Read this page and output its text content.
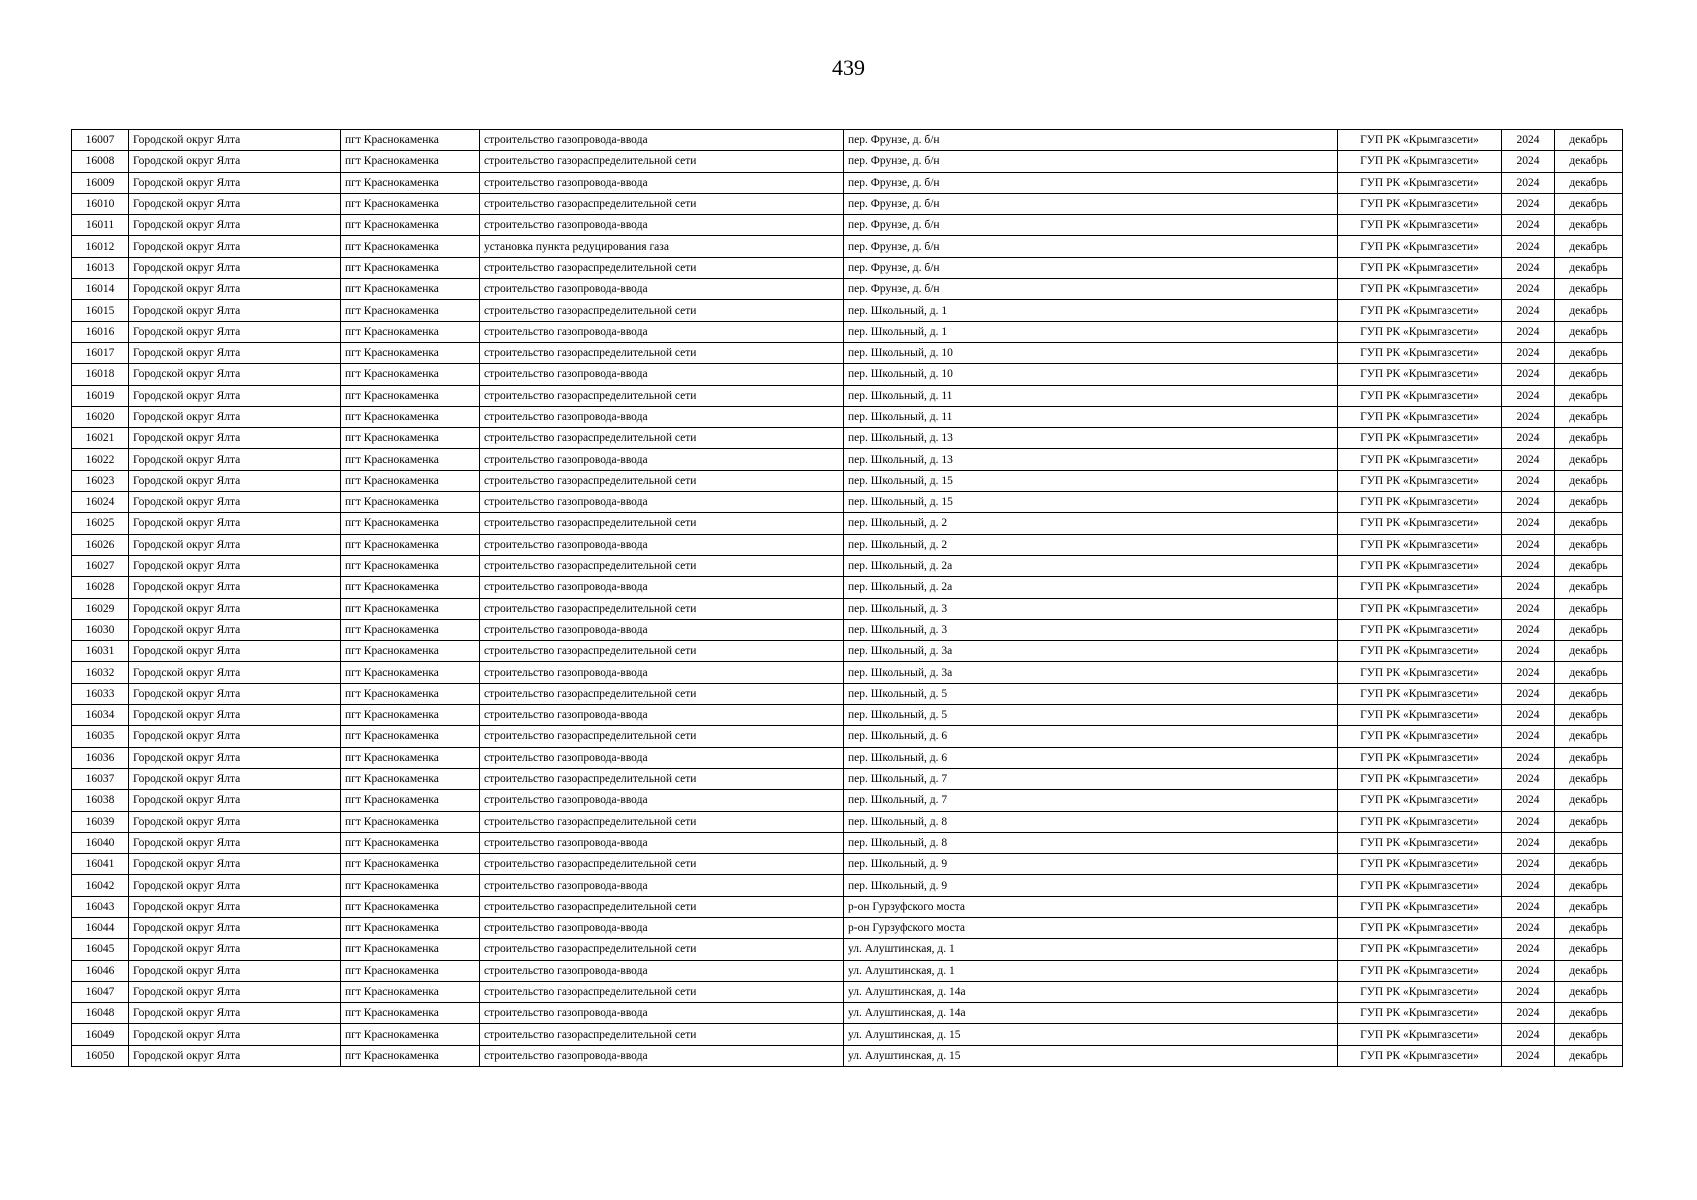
439
16007	Городской округ Ялта	пгт Краснокаменка	строительство газопровода-ввода	пер. Фрунзе, д. б/н	ГУП РК «Крымгазсети»	2024	декабрь
16008	Городской округ Ялта	пгт Краснокаменка	строительство газораспределительной сети	пер. Фрунзе, д. б/н	ГУП РК «Крымгазсети»	2024	декабрь
16009	Городской округ Ялта	пгт Краснокаменка	строительство газопровода-ввода	пер. Фрунзе, д. б/н	ГУП РК «Крымгазсети»	2024	декабрь
16010	Городской округ Ялта	пгт Краснокаменка	строительство газораспределительной сети	пер. Фрунзе, д. б/н	ГУП РК «Крымгазсети»	2024	декабрь
16011	Городской округ Ялта	пгт Краснокаменка	строительство газопровода-ввода	пер. Фрунзе, д. б/н	ГУП РК «Крымгазсети»	2024	декабрь
16012	Городской округ Ялта	пгт Краснокаменка	установка пункта редуцирования газа	пер. Фрунзе, д. б/н	ГУП РК «Крымгазсети»	2024	декабрь
16013	Городской округ Ялта	пгт Краснокаменка	строительство газораспределительной сети	пер. Фрунзе, д. б/н	ГУП РК «Крымгазсети»	2024	декабрь
16014	Городской округ Ялта	пгт Краснокаменка	строительство газопровода-ввода	пер. Фрунзе, д. б/н	ГУП РК «Крымгазсети»	2024	декабрь
16015	Городской округ Ялта	пгт Краснокаменка	строительство газораспределительной сети	пер. Школьный, д. 1	ГУП РК «Крымгазсети»	2024	декабрь
16016	Городской округ Ялта	пгт Краснокаменка	строительство газопровода-ввода	пер. Школьный, д. 1	ГУП РК «Крымгазсети»	2024	декабрь
16017	Городской округ Ялта	пгт Краснокаменка	строительство газораспределительной сети	пер. Школьный, д. 10	ГУП РК «Крымгазсети»	2024	декабрь
16018	Городской округ Ялта	пгт Краснокаменка	строительство газопровода-ввода	пер. Школьный, д. 10	ГУП РК «Крымгазсети»	2024	декабрь
16019	Городской округ Ялта	пгт Краснокаменка	строительство газораспределительной сети	пер. Школьный, д. 11	ГУП РК «Крымгазсети»	2024	декабрь
16020	Городской округ Ялта	пгт Краснокаменка	строительство газопровода-ввода	пер. Школьный, д. 11	ГУП РК «Крымгазсети»	2024	декабрь
16021	Городской округ Ялта	пгт Краснокаменка	строительство газораспределительной сети	пер. Школьный, д. 13	ГУП РК «Крымгазсети»	2024	декабрь
16022	Городской округ Ялта	пгт Краснокаменка	строительство газопровода-ввода	пер. Школьный, д. 13	ГУП РК «Крымгазсети»	2024	декабрь
16023	Городской округ Ялта	пгт Краснокаменка	строительство газораспределительной сети	пер. Школьный, д. 15	ГУП РК «Крымгазсети»	2024	декабрь
16024	Городской округ Ялта	пгт Краснокаменка	строительство газопровода-ввода	пер. Школьный, д. 15	ГУП РК «Крымгазсети»	2024	декабрь
16025	Городской округ Ялта	пгт Краснокаменка	строительство газораспределительной сети	пер. Школьный, д. 2	ГУП РК «Крымгазсети»	2024	декабрь
16026	Городской округ Ялта	пгт Краснокаменка	строительство газопровода-ввода	пер. Школьный, д. 2	ГУП РК «Крымгазсети»	2024	декабрь
16027	Городской округ Ялта	пгт Краснокаменка	строительство газораспределительной сети	пер. Школьный, д. 2а	ГУП РК «Крымгазсети»	2024	декабрь
16028	Городской округ Ялта	пгт Краснокаменка	строительство газопровода-ввода	пер. Школьный, д. 2а	ГУП РК «Крымгазсети»	2024	декабрь
16029	Городской округ Ялта	пгт Краснокаменка	строительство газораспределительной сети	пер. Школьный, д. 3	ГУП РК «Крымгазсети»	2024	декабрь
16030	Городской округ Ялта	пгт Краснокаменка	строительство газопровода-ввода	пер. Школьный, д. 3	ГУП РК «Крымгазсети»	2024	декабрь
16031	Городской округ Ялта	пгт Краснокаменка	строительство газораспределительной сети	пер. Школьный, д. 3а	ГУП РК «Крымгазсети»	2024	декабрь
16032	Городской округ Ялта	пгт Краснокаменка	строительство газопровода-ввода	пер. Школьный, д. 3а	ГУП РК «Крымгазсети»	2024	декабрь
16033	Городской округ Ялта	пгт Краснокаменка	строительство газораспределительной сети	пер. Школьный, д. 5	ГУП РК «Крымгазсети»	2024	декабрь
16034	Городской округ Ялта	пгт Краснокаменка	строительство газопровода-ввода	пер. Школьный, д. 5	ГУП РК «Крымгазсети»	2024	декабрь
16035	Городской округ Ялта	пгт Краснокаменка	строительство газораспределительной сети	пер. Школьный, д. 6	ГУП РК «Крымгазсети»	2024	декабрь
16036	Городской округ Ялта	пгт Краснокаменка	строительство газопровода-ввода	пер. Школьный, д. 6	ГУП РК «Крымгазсети»	2024	декабрь
16037	Городской округ Ялта	пгт Краснокаменка	строительство газораспределительной сети	пер. Школьный, д. 7	ГУП РК «Крымгазсети»	2024	декабрь
16038	Городской округ Ялта	пгт Краснокаменка	строительство газопровода-ввода	пер. Школьный, д. 7	ГУП РК «Крымгазсети»	2024	декабрь
16039	Городской округ Ялта	пгт Краснокаменка	строительство газораспределительной сети	пер. Школьный, д. 8	ГУП РК «Крымгазсети»	2024	декабрь
16040	Городской округ Ялта	пгт Краснокаменка	строительство газопровода-ввода	пер. Школьный, д. 8	ГУП РК «Крымгазсети»	2024	декабрь
16041	Городской округ Ялта	пгт Краснокаменка	строительство газораспределительной сети	пер. Школьный, д. 9	ГУП РК «Крымгазсети»	2024	декабрь
16042	Городской округ Ялта	пгт Краснокаменка	строительство газопровода-ввода	пер. Школьный, д. 9	ГУП РК «Крымгазсети»	2024	декабрь
16043	Городской округ Ялта	пгт Краснокаменка	строительство газораспределительной сети	р-он Гурзуфского моста	ГУП РК «Крымгазсети»	2024	декабрь
16044	Городской округ Ялта	пгт Краснокаменка	строительство газопровода-ввода	р-он Гурзуфского моста	ГУП РК «Крымгазсети»	2024	декабрь
16045	Городской округ Ялта	пгт Краснокаменка	строительство газораспределительной сети	ул. Алуштинская, д. 1	ГУП РК «Крымгазсети»	2024	декабрь
16046	Городской округ Ялта	пгт Краснокаменка	строительство газопровода-ввода	ул. Алуштинская, д. 1	ГУП РК «Крымгазсети»	2024	декабрь
16047	Городской округ Ялта	пгт Краснокаменка	строительство газораспределительной сети	ул. Алуштинская, д. 14а	ГУП РК «Крымгазсети»	2024	декабрь
16048	Городской округ Ялта	пгт Краснокаменка	строительство газопровода-ввода	ул. Алуштинская, д. 14а	ГУП РК «Крымгазсети»	2024	декабрь
16049	Городской округ Ялта	пгт Краснокаменка	строительство газораспределительной сети	ул. Алуштинская, д. 15	ГУП РК «Крымгазсети»	2024	декабрь
16050	Городской округ Ялта	пгт Краснокаменка	строительство газопровода-ввода	ул. Алуштинская, д. 15	ГУП РК «Крымгазсети»	2024	декабрь
